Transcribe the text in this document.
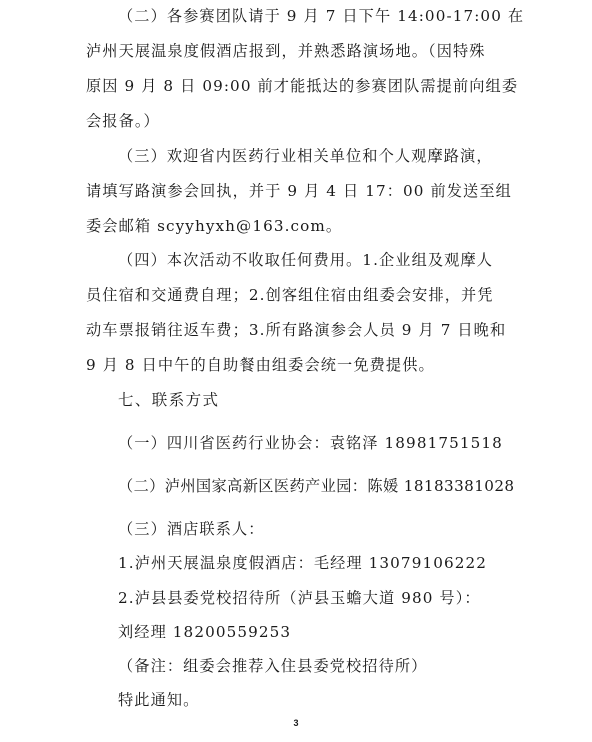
（二）各参赛团队请于 9 月 7 日下午 14:00-17:00 在
泸州天展温泉度假酒店报到，并熟悉路演场地。（因特殊
原因 9 月 8 日 09:00 前才能抵达的参赛团队需提前向组委
会报备。）
（三）欢迎省内医药行业相关单位和个人观摩路演，
请填写路演参会回执，并于 9 月 4 日 17：00 前发送至组
委会邮箱 scyyhyxh@163.com。
（四）本次活动不收取任何费用。1.企业组及观摩人
员住宿和交通费自理；2.创客组住宿由组委会安排，并凭
动车票报销往返车费；3.所有路演参会人员 9 月 7 日晚和
9 月 8 日中午的自助餐由组委会统一免费提供。
七、联系方式
（一）四川省医药行业协会：袁铭泽 18981751518
（二）泸州国家高新区医药产业园：陈媛 18183381028
（三）酒店联系人：
1.泸州天展温泉度假酒店：毛经理 13079106222
2.泸县县委党校招待所（泸县玉蟾大道 980 号）：
刘经理 18200559253
（备注：组委会推荐入住县委党校招待所）
特此通知。
3
